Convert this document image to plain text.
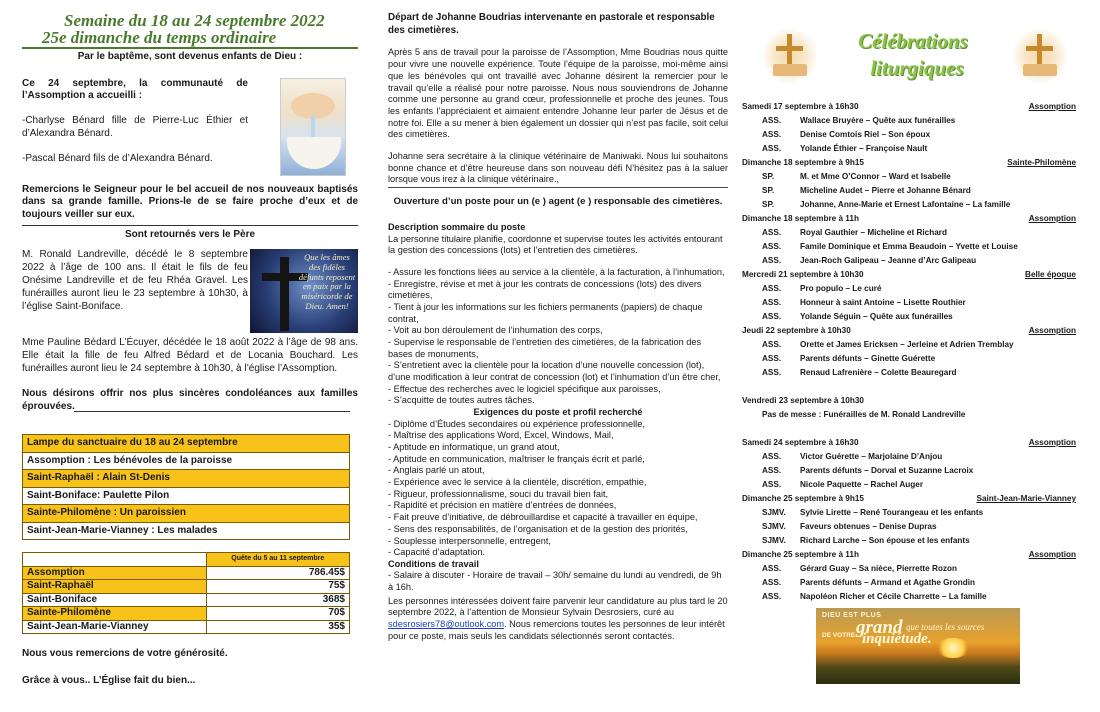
Semaine du 18 au 24 septembre 2022
25e dimanche du temps ordinaire
Par le baptême, sont devenus enfants de Dieu :

Ce 24 septembre, la communauté de l’Assomption a accueilli :

-Charlyse Bénard fille de Pierre-Luc Éthier et d’Alexandra Bénard.

-Pascal Bénard fils de d’Alexandra Bénard.

Remercions le Seigneur pour le bel accueil de nos nouveaux baptisés dans sa grande famille. Prions-le de se faire proche d’eux et de toujours veiller sur eux.

Sont retournés vers le Père

M. Ronald Landreville, décédé le 8 septembre 2022 à l’âge de 100 ans. Il était le fils de feu Onésime Landreville et de feu Rhéa Gravel. Les funérailles auront lieu le 23 septembre à 10h30, à l’église Saint-Boniface.

Que les âmes des fidèles défunts reposent en paix par la miséricorde de Dieu. Amen!

Mme Pauline Bédard L’Écuyer, décédée le 18 août 2022 à l’âge de 98 ans. Elle était la fille de feu Alfred Bédard et de Locania Bouchard. Les funérailles auront lieu le 24 septembre à 10h30, à l’église l’Assomption.

Nous désirons offrir nos plus sincères condoléances aux familles éprouvées.

Lampe du sanctuaire du 18 au 24 septembre
Assomption : Les bénévoles de la paroisse
Saint-Raphaël : Alain St-Denis
Saint-Boniface: Paulette Pilon
Sainte-Philomène : Un paroissien
Saint-Jean-Marie-Vianney : Les malades
	Quête du 5 au 11 septembre
Assomption	786.45$
Saint-Raphaël	75$
Saint-Boniface	368$
Sainte-Philomène	70$
Saint-Jean-Marie-Vianney	35$

Nous vous remercions de votre générosité.

Grâce à vous.. L’Église fait du bien...

Départ de Johanne Boudrias intervenante en pastorale et responsable des cimetières.

Après 5 ans de travail pour la paroisse de l’Assomption, Mme Boudrias nous quitte pour vivre une nouvelle expérience. Toute l’équipe de la paroisse, moi-même ainsi que les bénévoles qui ont travaillé avec Johanne désirent la remercier pour le travail qu’elle a réalisé pour notre paroisse. Nous nous souviendrons de Johanne comme une personne au grand cœur, professionnelle et proche des jeunes. Tous les enfants l’appréciaient et aimaient entendre Johanne leur parler de Jésus et de notre foi. Elle a su mener à bien également un dossier qui n’est pas facile, soit celui des cimetières.

Johanne sera secrétaire à la clinique vétérinaire de Maniwaki. Nous lui souhaitons bonne chance et d’être heureuse dans son nouveau défi N’hésitez pas à la saluer lorsque vous irez à la clinique vétérinaire.,

Ouverture d’un poste pour un (e ) agent (e ) responsable des cimetières.
Description sommaire du poste
La personne titulaire planifie, coordonne et supervise toutes les activités entourant la gestion des concessions (lots) et l’entretien des cimetières.
- Assure les fonctions liées au service à la clientèle, à la facturation, à l’inhumation,
- Enregistre, révise et met à jour les contrats de concessions (lots) des divers cimetières,
- Tient à jour les informations sur les fichiers permanents (papiers) de chaque contrat,
- Voit au bon déroulement de l’inhumation des corps,
- Supervise le responsable de l’entretien des cimetières, de la fabrication des bases de monuments,
- S’entretient avec la clientèle pour la location d’une nouvelle concession (lot), d’une modification à leur contrat de concession (lot) et l’inhumation d’un être cher,
- Effectue des recherches avec le logiciel spécifique aux paroisses,
- S’acquitte de toutes autres tâches.
Exigences du poste et profil recherché
- Diplôme d’Études secondaires ou expérience professionnelle,
- Maîtrise des applications Word, Excel, Windows, Mail,
- Aptitude en informatique, un grand atout,
- Aptitude en communication, maîtriser le français écrit et parlé,
- Anglais parlé un atout,
- Expérience avec le service à la clientèle, discrétion, empathie,
- Rigueur, professionnalisme, souci du travail bien fait,
- Rapidité et précision en matière d’entrées de données,
- Fait preuve d’initiative, de débrouillardise et capacité à travailler en équipe,
- Sens des responsabilités, de l’organisation et de la gestion des priorités,
- Souplesse interpersonnelle, entregent,
- Capacité d’adaptation.
Conditions de travail
- Salaire à discuter - Horaire de travail – 30h/ semaine du lundi au vendredi, de 9h à 16h.
Les personnes intéressées doivent faire parvenir leur candidature au plus tard le 20 septembre 2022, à l’attention de Monsieur Sylvain Desrosiers, curé au sdesrosiers78@outlook.com. Nous remercions toutes les personnes de leur intérêt pour ce poste, mais seuls les candidats sélectionnés seront contactés.
Célébrations
liturgiques
Samedi 17 septembre à 16h30	Assomption
ASS.	Wallace Bruyère – Quête aux funérailles
ASS.	Denise Comtois Riel – Son époux
ASS.	Yolande Éthier – Françoise Nault
Dimanche 18 septembre à 9h15	Sainte-Philomène
SP.	M. et Mme O’Connor – Ward et Isabelle
SP.	Micheline Audet – Pierre et Johanne Bénard
SP.	Johanne, Anne-Marie et Ernest Lafontaine – La famille
Dimanche 18 septembre à 11h	Assomption
ASS.	Royal Gauthier – Micheline et Richard
ASS.	Famile Dominique et Emma Beaudoin – Yvette et Louise
ASS.	Jean-Roch Galipeau – Jeanne d’Arc Galipeau
Mercredi 21 septembre à 10h30	Belle époque
ASS.	Pro populo – Le curé
ASS.	Honneur à saint Antoine – Lisette Routhier
ASS.	Yolande Séguin – Quête aux funérailles
Jeudi 22 septembre à 10h30	Assomption
ASS.	Orette et James Ericksen – Jerleine et Adrien Tremblay
ASS.	Parents défunts – Ginette Guérette
ASS.	Renaud Lafrenière – Colette Beauregard
Vendredi 23 septembre à 10h30
Pas de messe : Funérailles de M. Ronald Landreville
Samedi 24 septembre à 16h30	Assomption
ASS.	Victor Guérette – Marjolaine D’Anjou
ASS.	Parents défunts – Dorval et Suzanne Lacroix
ASS.	Nicole Paquette – Rachel Auger
Dimanche 25 septembre à 9h15	Saint-Jean-Marie-Vianney
SJMV.	Sylvie Lirette – René Tourangeau et les enfants
SJMV.	Faveurs obtenues – Denise Dupras
SJMV.	Richard Larche – Son épouse et les enfants
Dimanche 25 septembre à 11h	Assomption
ASS.	Gérard Guay – Sa nièce, Pierrette Rozon
ASS.	Parents défunts – Armand et Agathe Grondin
ASS.	Napoléon Richer et Cécile Charrette – La famille
DIEU EST PLUS
grand que toutes les sources
DE VOTRE inquiétude.
